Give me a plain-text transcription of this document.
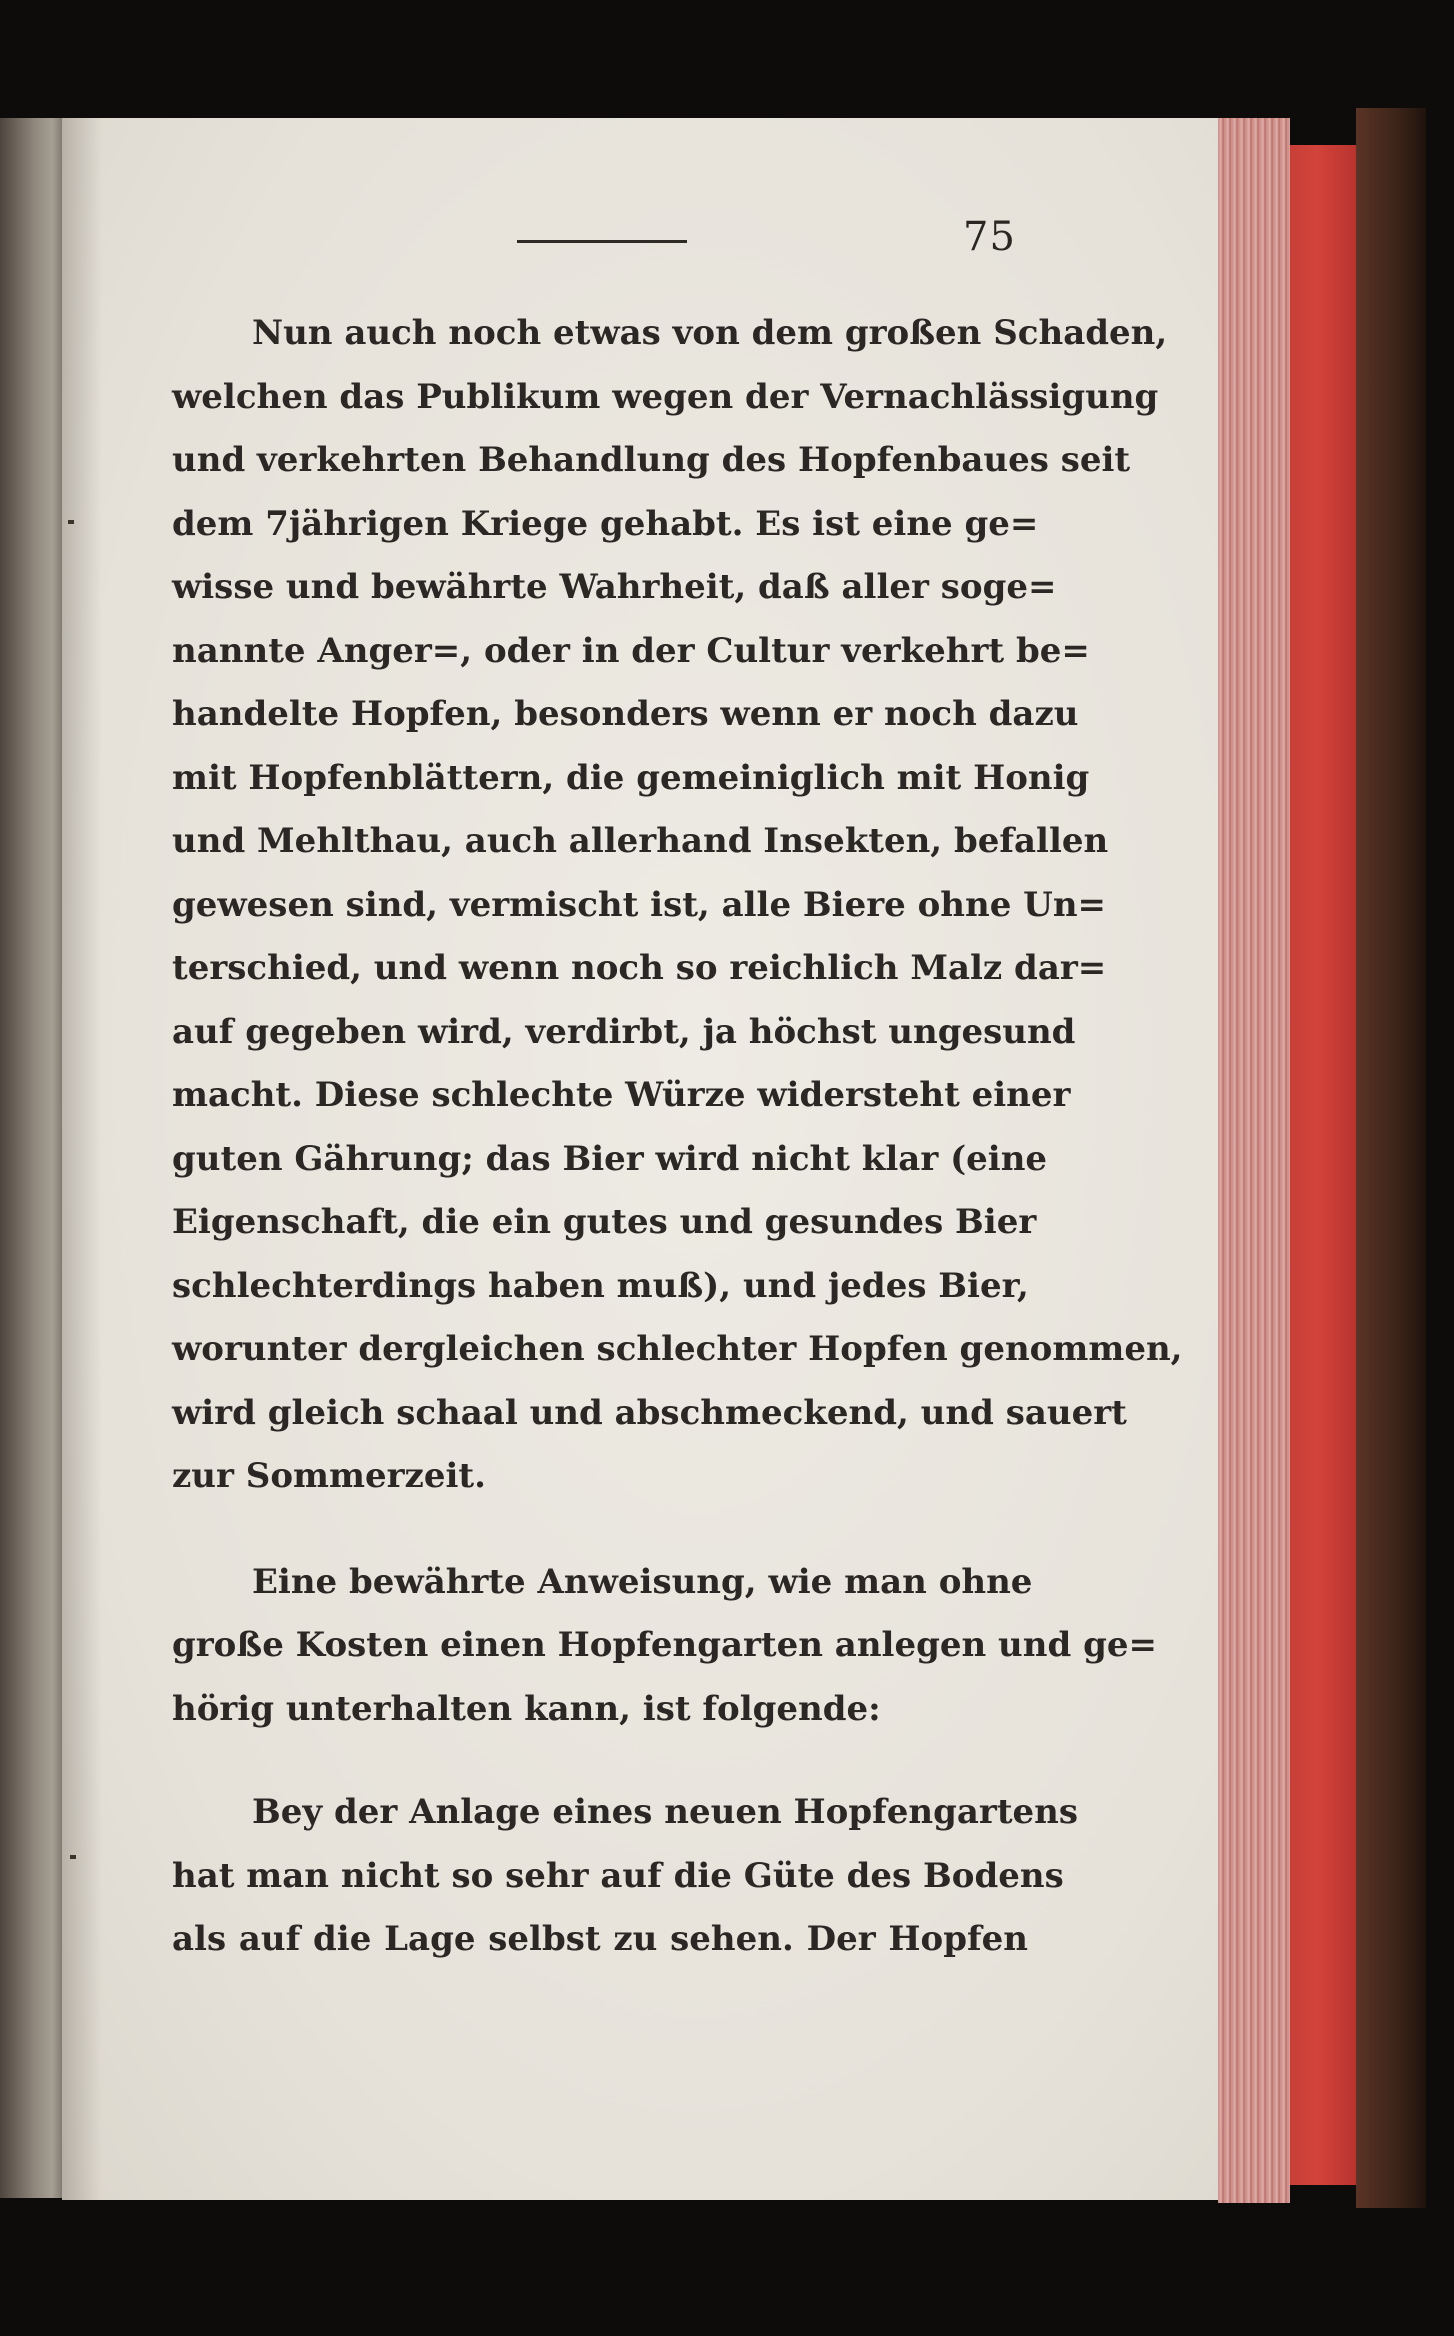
75
Nun auch noch etwas von dem großen Schaden,
welchen das Publikum wegen der Vernachlässigung
und verkehrten Behandlung des Hopfenbaues seit
dem 7jährigen Kriege gehabt. Es ist eine ge=
wisse und bewährte Wahrheit, daß aller soge=
nannte Anger=, oder in der Cultur verkehrt be=
handelte Hopfen, besonders wenn er noch dazu
mit Hopfenblättern, die gemeiniglich mit Honig
und Mehlthau, auch allerhand Insekten, befallen
gewesen sind, vermischt ist, alle Biere ohne Un=
terschied, und wenn noch so reichlich Malz dar=
auf gegeben wird, verdirbt, ja höchst ungesund
macht. Diese schlechte Würze widersteht einer
guten Gährung; das Bier wird nicht klar (eine
Eigenschaft, die ein gutes und gesundes Bier
schlechterdings haben muß), und jedes Bier,
worunter dergleichen schlechter Hopfen genommen,
wird gleich schaal und abschmeckend, und sauert
zur Sommerzeit.
Eine bewährte Anweisung, wie man ohne
große Kosten einen Hopfengarten anlegen und ge=
hörig unterhalten kann, ist folgende:
Bey der Anlage eines neuen Hopfengartens
hat man nicht so sehr auf die Güte des Bodens
als auf die Lage selbst zu sehen. Der Hopfen
